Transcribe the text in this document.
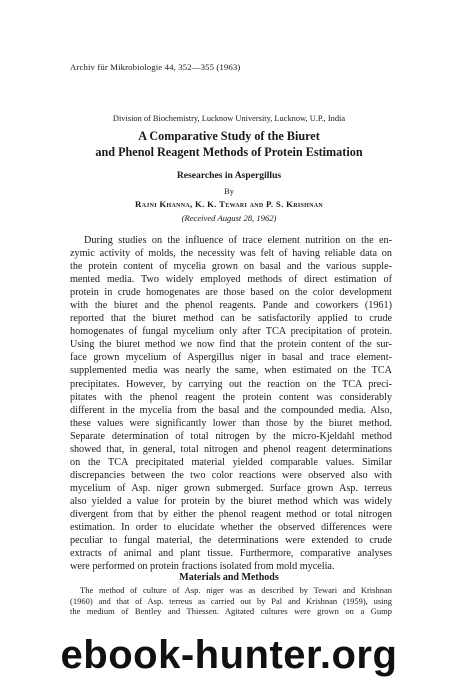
Archiv für Mikrobiologie 44, 352—355 (1963)
Division of Biochemistry, Lucknow University, Lucknow, U.P., India
A Comparative Study of the Biuret
and Phenol Reagent Methods of Protein Estimation
Researches in Aspergillus
By
Rajni Khanna, K. K. Tewari and P. S. Krishnan
(Received August 28, 1962)
During studies on the influence of trace element nutrition on the en-
zymic activity of molds, the necessity was felt of having reliable data on
the protein content of mycelia grown on basal and the various supple-
mented media. Two widely employed methods of direct estimation of
protein in crude homogenates are those based on the color development
with the biuret and the phenol reagents. Pande and coworkers (1961)
reported that the biuret method can be satisfactorily applied to crude
homogenates of fungal mycelium only after TCA precipitation of protein.
Using the biuret method we now find that the protein content of the sur-
face grown mycelium of Aspergillus niger in basal and trace element-
supplemented media was nearly the same, when estimated on the TCA
precipitates. However, by carrying out the reaction on the TCA preci-
pitates with the phenol reagent the protein content was considerably
different in the mycelia from the basal and the compounded media. Also,
these values were significantly lower than those by the biuret method.
Separate determination of total nitrogen by the micro-Kjeldahl method
showed that, in general, total nitrogen and phenol reagent determinations
on the TCA precipitated material yielded comparable values. Similar
discrepancies between the two color reactions were observed also with
mycelium of Asp. niger grown submerged. Surface grown Asp. terreus
also yielded a value for protein by the biuret method which was widely
divergent from that by either the phenol reagent method or total nitrogen
estimation. In order to elucidate whether the observed differences were
peculiar to fungal material, the determinations were extended to crude
extracts of animal and plant tissue. Furthermore, comparative analyses
were performed on protein fractions isolated from mold mycelia.
Materials and Methods
The method of culture of Asp. niger was as described by Tewari and Krishnan
(1960) and that of Asp. terreus as carried out by Pal and Krishnan (1959), using
the medium of Bentley and Thiessen. Agitated cultures were grown on a Gump
ebook-hunter.org
